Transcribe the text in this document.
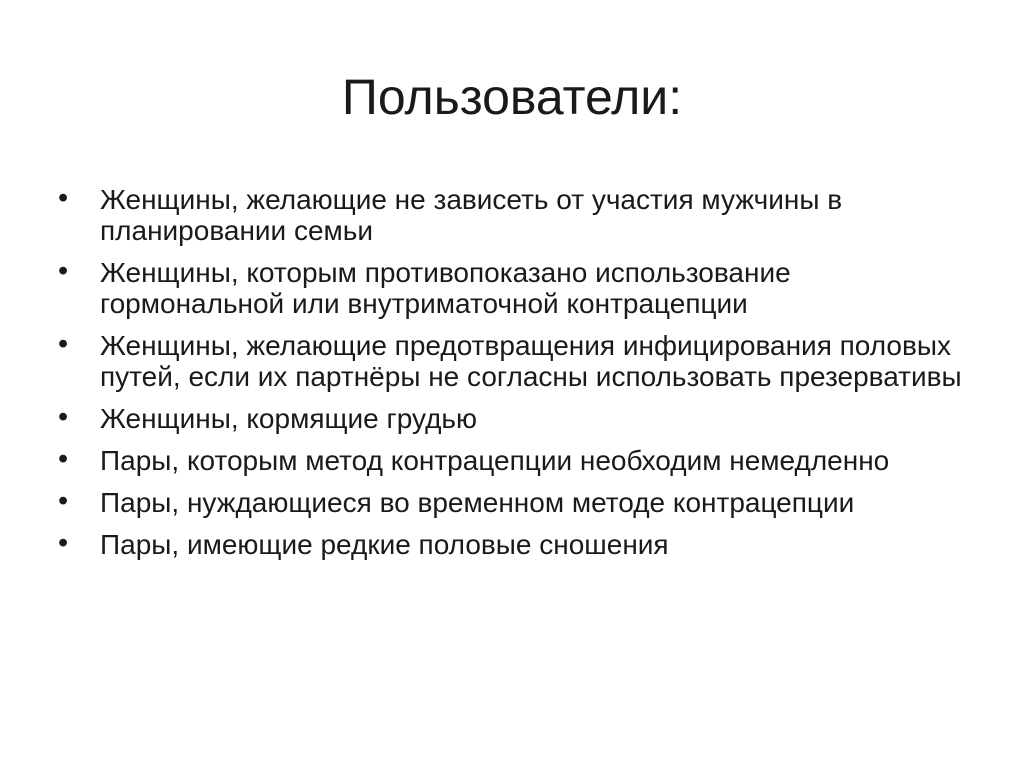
Пользователи:
•	Женщины, желающие не зависеть от участия мужчины в планировании семьи
•	Женщины, которым противопоказано использование гормональной или внутриматочной контрацепции
•	Женщины, желающие предотвращения инфицирования половых путей, если их партнёры не согласны использовать презервативы
•	Женщины, кормящие грудью
•	Пары, которым метод контрацепции необходим немедленно
•	Пары, нуждающиеся во временном методе контрацепции
•	Пары, имеющие редкие половые сношения
